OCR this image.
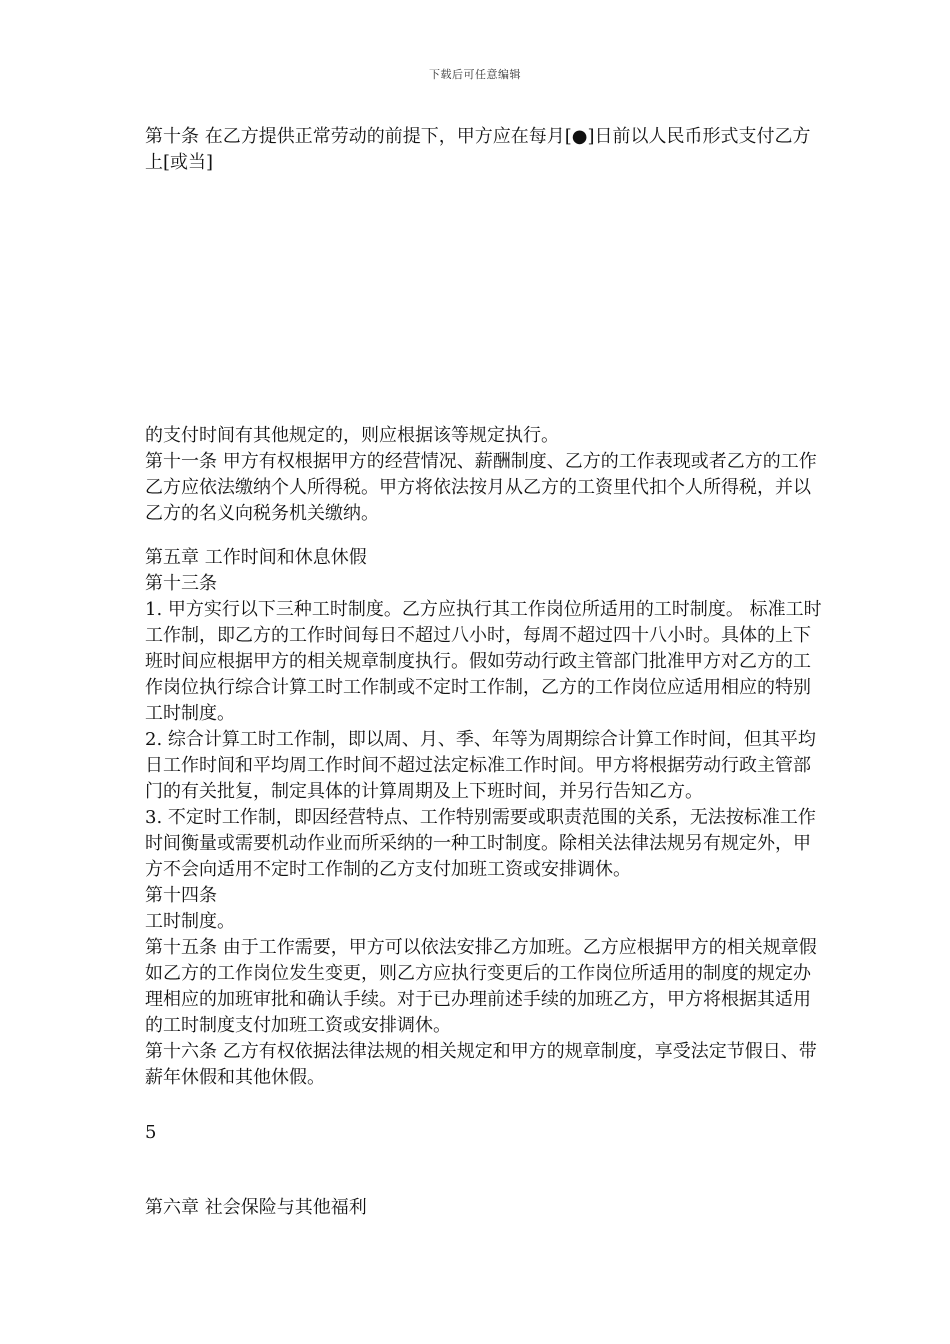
下载后可任意编辑

第十条 在乙方提供正常劳动的前提下，甲方应在每月[●]日前以人民币形式支付乙方上[或当]

的支付时间有其他规定的，则应根据该等规定执行。

第十一条 甲方有权根据甲方的经营情况、薪酬制度、乙方的工作表现或者乙方的工作乙方应依法缴纳个人所得税。甲方将依法按月从乙方的工资里代扣个人所得税，并以乙方的名义向税务机关缴纳。

第五章 工作时间和休息休假

第十三条

1. 甲方实行以下三种工时制度。乙方应执行其工作岗位所适用的工时制度。 标准工时工作制，即乙方的工作时间每日不超过八小时，每周不超过四十八小时。具体的上下班时间应根据甲方的相关规章制度执行。假如劳动行政主管部门批准甲方对乙方的工作岗位执行综合计算工时工作制或不定时工作制，乙方的工作岗位应适用相应的特别工时制度。

2. 综合计算工时工作制，即以周、月、季、年等为周期综合计算工作时间，但其平均日工作时间和平均周工作时间不超过法定标准工作时间。甲方将根据劳动行政主管部门的有关批复，制定具体的计算周期及上下班时间，并另行告知乙方。

3. 不定时工作制，即因经营特点、工作特别需要或职责范围的关系，无法按标准工作时间衡量或需要机动作业而所采纳的一种工时制度。除相关法律法规另有规定外，甲方不会向适用不定时工作制的乙方支付加班工资或安排调休。

第十四条

工时制度。

第十五条 由于工作需要，甲方可以依法安排乙方加班。乙方应根据甲方的相关规章假如乙方的工作岗位发生变更，则乙方应执行变更后的工作岗位所适用的制度的规定办理相应的加班审批和确认手续。对于已办理前述手续的加班乙方，甲方将根据其适用的工时制度支付加班工资或安排调休。

第十六条 乙方有权依据法律法规的相关规定和甲方的规章制度，享受法定节假日、带薪年休假和其他休假。

5
第六章 社会保险与其他福利
